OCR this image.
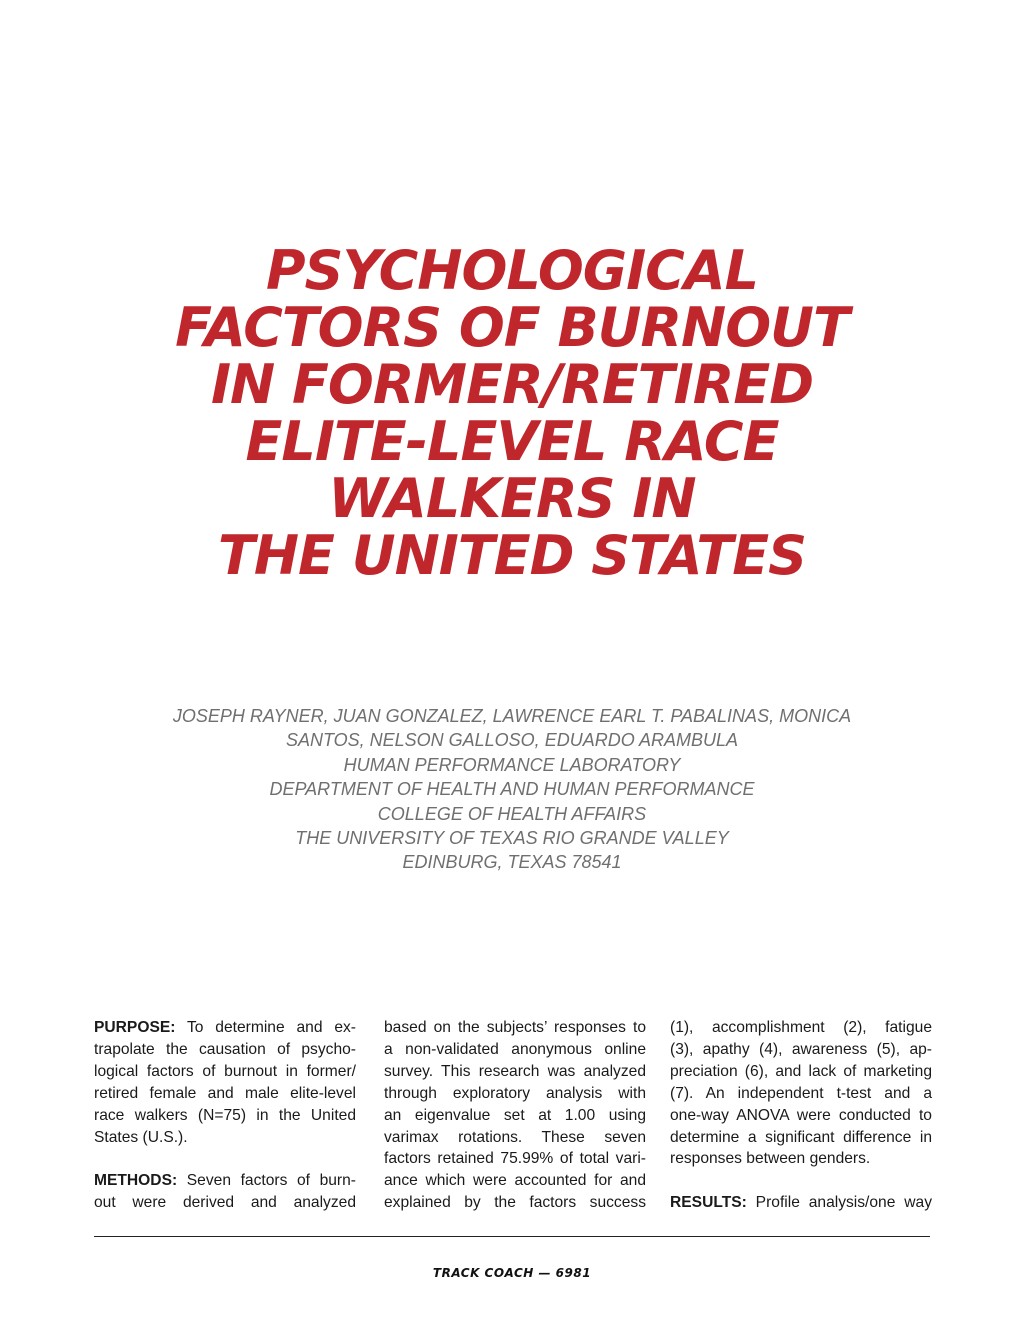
PSYCHOLOGICAL
FACTORS OF BURNOUT
IN FORMER/RETIRED
ELITE-LEVEL RACE
WALKERS IN
THE UNITED STATES
JOSEPH RAYNER, JUAN GONZALEZ, LAWRENCE EARL T. PABALINAS, MONICA
SANTOS, NELSON GALLOSO, EDUARDO ARAMBULA
HUMAN PERFORMANCE LABORATORY
DEPARTMENT OF HEALTH AND HUMAN PERFORMANCE
COLLEGE OF HEALTH AFFAIRS
THE UNIVERSITY OF TEXAS RIO GRANDE VALLEY
EDINBURG, TEXAS 78541
PURPOSE: To determine and ex-
trapolate the causation of psycho-
logical factors of burnout in former/
retired female and male elite-level
race walkers (N=75) in the United
States (U.S.).
METHODS: Seven factors of burn-
out were derived and analyzed
based on the subjects’ responses to
a non-validated anonymous online
survey. This research was analyzed
through exploratory analysis with
an eigenvalue set at 1.00 using
varimax rotations. These seven
factors retained 75.99% of total vari-
ance which were accounted for and
explained by the factors success
(1), accomplishment (2), fatigue
(3), apathy (4), awareness (5), ap-
preciation (6), and lack of marketing
(7). An independent t-test and a
one-way ANOVA were conducted to
determine a significant difference in
responses between genders.
RESULTS: Profile analysis/one way
TRACK COACH — 6981
